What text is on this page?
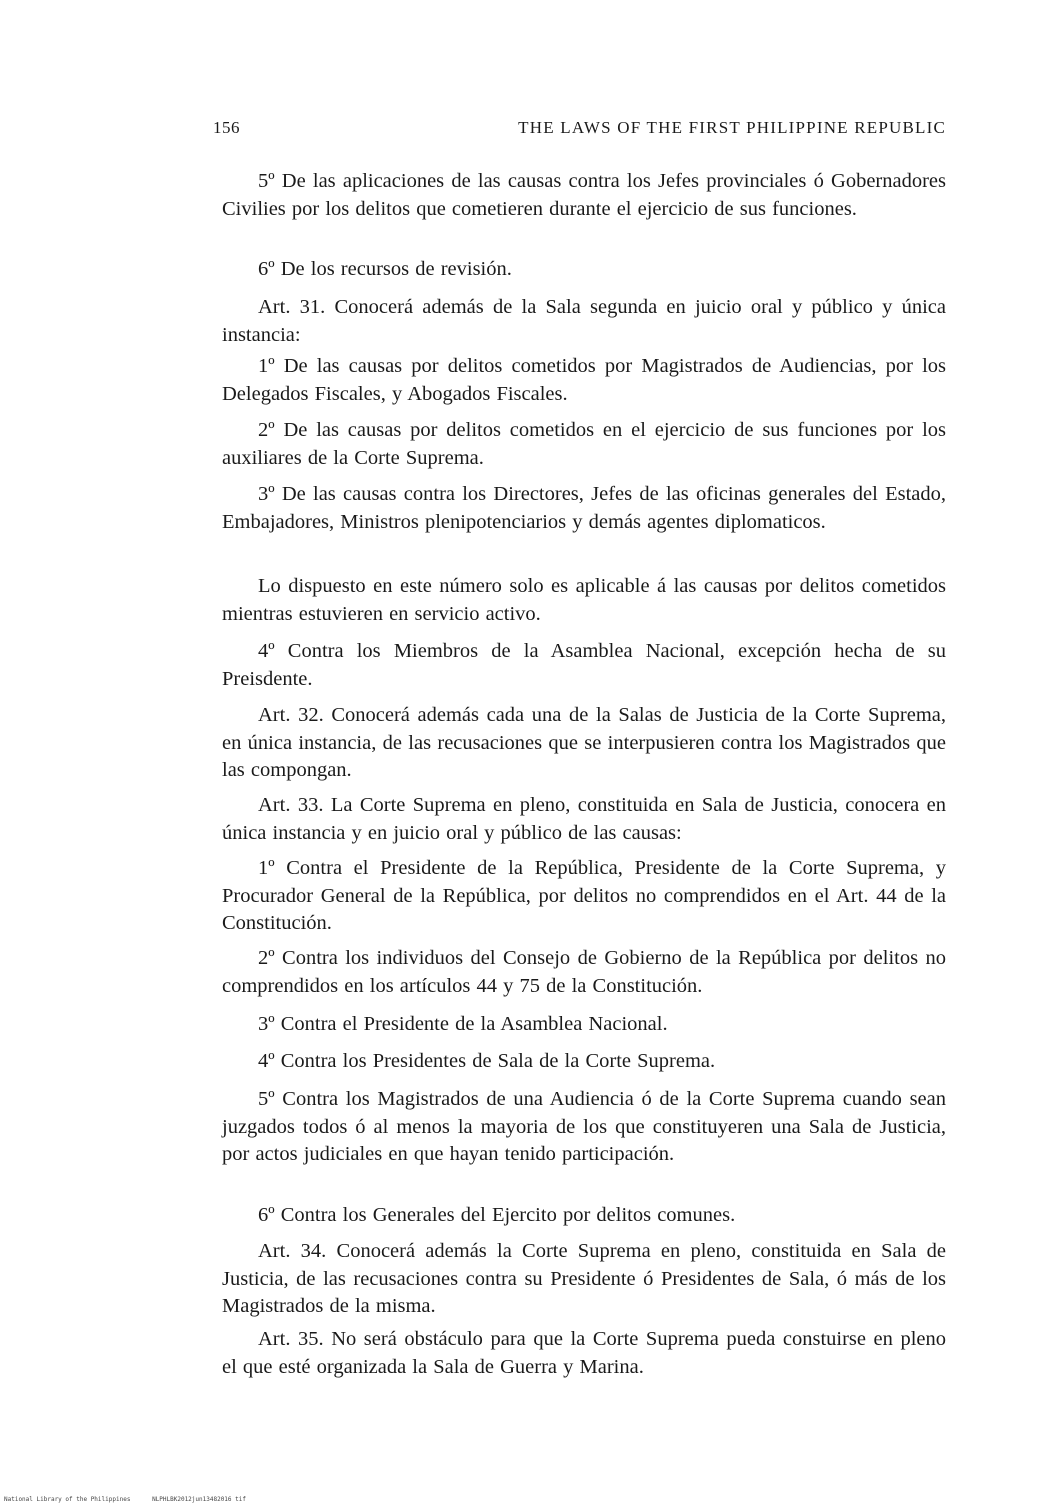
156	THE LAWS OF THE FIRST PHILIPPINE REPUBLIC

5º De las aplicaciones de las causas contra los Jefes provinciales ó Gobernadores Civilies por los delitos que cometieren durante el ejercicio de sus funciones.

6º De los recursos de revisión.

Art. 31. Conocerá además de la Sala segunda en juicio oral y público y única instancia:

1º De las causas por delitos cometidos por Magistrados de Audiencias, por los Delegados Fiscales, y Abogados Fiscales.

2º De las causas por delitos cometidos en el ejercicio de sus funciones por los auxiliares de la Corte Suprema.

3º De las causas contra los Directores, Jefes de las oficinas generales del Estado, Embajadores, Ministros plenipotenciarios y demás agentes diplomaticos.

Lo dispuesto en este número solo es aplicable á las causas por delitos cometidos mientras estuvieren en servicio activo.

4º Contra los Miembros de la Asamblea Nacional, excepción hecha de su Preisdente.

Art. 32. Conocerá además cada una de la Salas de Justicia de la Corte Suprema, en única instancia, de las recusaciones que se interpusieren contra los Magistrados que las compongan.

Art. 33. La Corte Suprema en pleno, constituida en Sala de Justicia, conocera en única instancia y en juicio oral y público de las causas:

1º Contra el Presidente de la República, Presidente de la Corte Suprema, y Procurador General de la República, por delitos no comprendidos en el Art. 44 de la Constitución.

2º Contra los individuos del Consejo de Gobierno de la República por delitos no comprendidos en los artículos 44 y 75 de la Constitución.

3º Contra el Presidente de la Asamblea Nacional.

4º Contra los Presidentes de Sala de la Corte Suprema.

5º Contra los Magistrados de una Audiencia ó de la Corte Suprema cuando sean juzgados todos ó al menos la mayoria de los que constituyeren una Sala de Justicia, por actos judiciales en que hayan tenido participación.

6º Contra los Generales del Ejercito por delitos comunes.

Art. 34. Conocerá además la Corte Suprema en pleno, constituida en Sala de Justicia, de las recusaciones contra su Presidente ó Presidentes de Sala, ó más de los Magistrados de la misma.

Art. 35. No será obstáculo para que la Corte Suprema pueda constuirse en pleno el que esté organizada la Sala de Guerra y Marina.

National Library of the Philippines	NLPHLBK2012jun13482016 tif
